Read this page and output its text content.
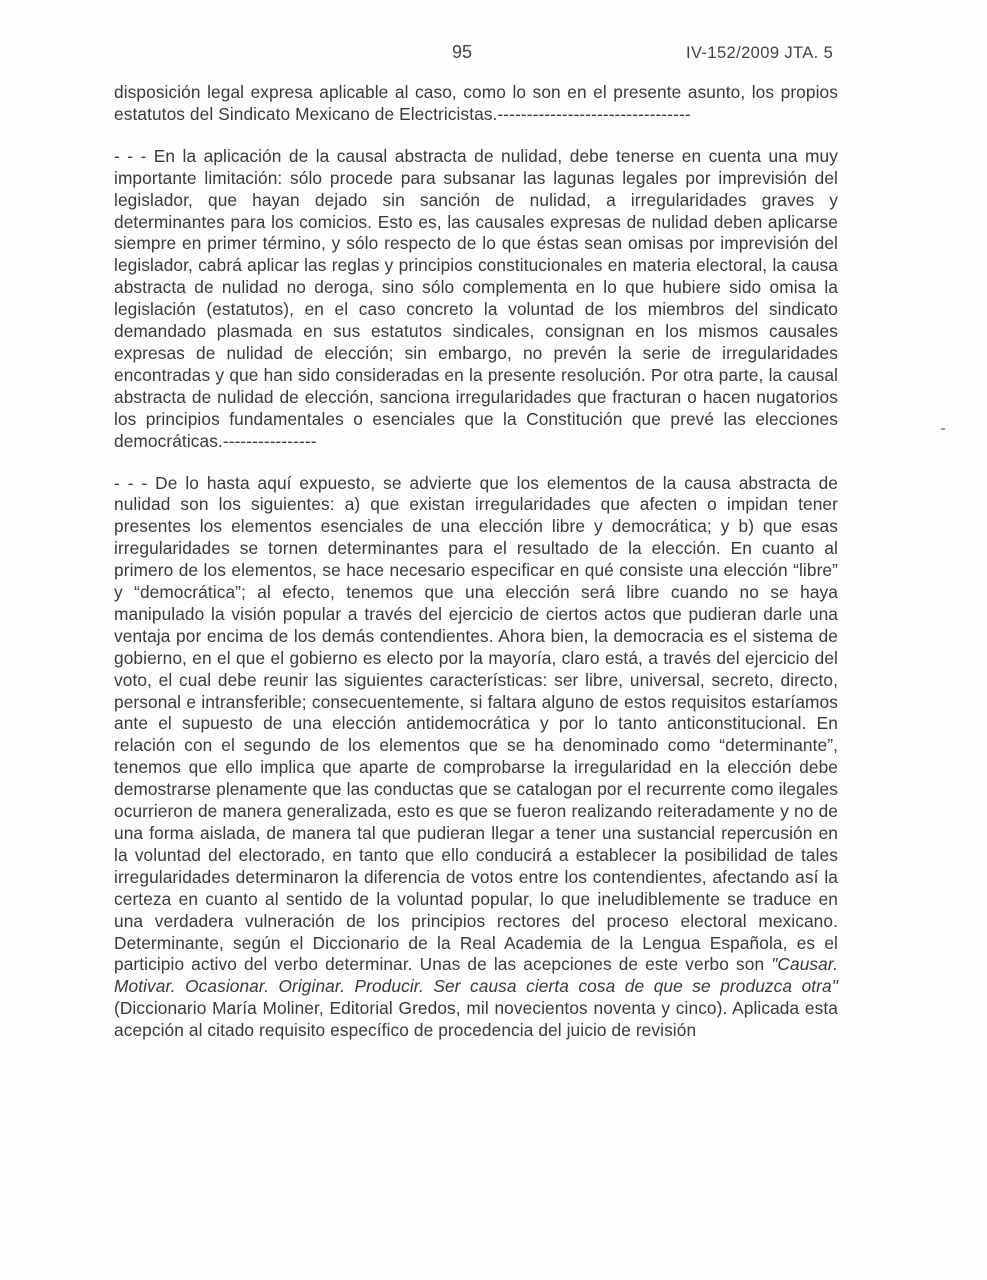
95	IV-152/2009 JTA. 5

disposición legal expresa aplicable al caso, como lo son en el presente asunto, los propios estatutos del Sindicato Mexicano de Electricistas.---------------------------------

- - - En la aplicación de la causal abstracta de nulidad, debe tenerse en cuenta una muy importante limitación: sólo procede para subsanar las lagunas legales por imprevisión del legislador, que hayan dejado sin sanción de nulidad, a irregularidades graves y determinantes para los comicios. Esto es, las causales expresas de nulidad deben aplicarse siempre en primer término, y sólo respecto de lo que éstas sean omisas por imprevisión del legislador, cabrá aplicar las reglas y principios constitucionales en materia electoral, la causa abstracta de nulidad no deroga, sino sólo complementa en lo que hubiere sido omisa la legislación (estatutos), en el caso concreto la voluntad de los miembros del sindicato demandado plasmada en sus estatutos sindicales, consignan en los mismos causales expresas de nulidad de elección; sin embargo, no prevén la serie de irregularidades encontradas y que han sido consideradas en la presente resolución. Por otra parte, la causal abstracta de nulidad de elección, sanciona irregularidades que fracturan o hacen nugatorios los principios fundamentales o esenciales que la Constitución que prevé las elecciones democráticas.----------------

- - - De lo hasta aquí expuesto, se advierte que los elementos de la causa abstracta de nulidad son los siguientes: a) que existan irregularidades que afecten o impidan tener presentes los elementos esenciales de una elección libre y democrática; y b) que esas irregularidades se tornen determinantes para el resultado de la elección. En cuanto al primero de los elementos, se hace necesario especificar en qué consiste una elección “libre” y “democrática”; al efecto, tenemos que una elección será libre cuando no se haya manipulado la visión popular a través del ejercicio de ciertos actos que pudieran darle una ventaja por encima de los demás contendientes. Ahora bien, la democracia es el sistema de gobierno, en el que el gobierno es electo por la mayoría, claro está, a través del ejercicio del voto, el cual debe reunir las siguientes características: ser libre, universal, secreto, directo, personal e intransferible; consecuentemente, si faltara alguno de estos requisitos estaríamos ante el supuesto de una elección antidemocrática y por lo tanto anticonstitucional. En relación con el segundo de los elementos que se ha denominado como “determinante”, tenemos que ello implica que aparte de comprobarse la irregularidad en la elección debe demostrarse plenamente que las conductas que se catalogan por el recurrente como ilegales ocurrieron de manera generalizada, esto es que se fueron realizando reiteradamente y no de una forma aislada, de manera tal que pudieran llegar a tener una sustancial repercusión en la voluntad del electorado, en tanto que ello conducirá a establecer la posibilidad de tales irregularidades determinaron la diferencia de votos entre los contendientes, afectando así la certeza en cuanto al sentido de la voluntad popular, lo que ineludiblemente se traduce en una verdadera vulneración de los principios rectores del proceso electoral mexicano. Determinante, según el Diccionario de la Real Academia de la Lengua Española, es el participio activo del verbo determinar. Unas de las acepciones de este verbo son "Causar. Motivar. Ocasionar. Originar. Producir. Ser causa cierta cosa de que se produzca otra" (Diccionario María Moliner, Editorial Gredos, mil novecientos noventa y cinco). Aplicada esta acepción al citado requisito específico de procedencia del juicio de revisión
